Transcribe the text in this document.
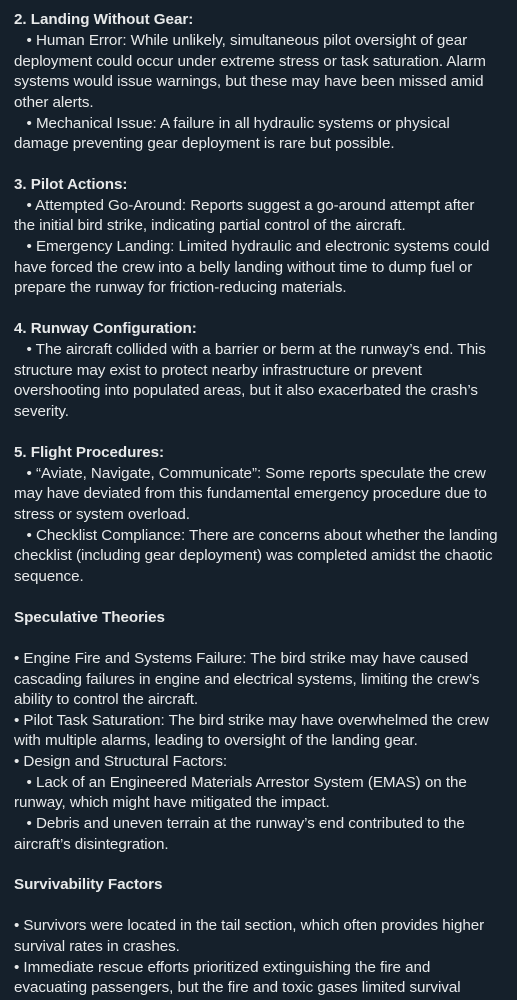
2. Landing Without Gear:
• Human Error: While unlikely, simultaneous pilot oversight of gear
deployment could occur under extreme stress or task saturation. Alarm
systems would issue warnings, but these may have been missed amid
other alerts.
• Mechanical Issue: A failure in all hydraulic systems or physical
damage preventing gear deployment is rare but possible.
3. Pilot Actions:
• Attempted Go-Around: Reports suggest a go-around attempt after
the initial bird strike, indicating partial control of the aircraft.
• Emergency Landing: Limited hydraulic and electronic systems could
have forced the crew into a belly landing without time to dump fuel or
prepare the runway for friction-reducing materials.
4. Runway Configuration:
• The aircraft collided with a barrier or berm at the runway’s end. This
structure may exist to protect nearby infrastructure or prevent
overshooting into populated areas, but it also exacerbated the crash’s
severity.
5. Flight Procedures:
• “Aviate, Navigate, Communicate”: Some reports speculate the crew
may have deviated from this fundamental emergency procedure due to
stress or system overload.
• Checklist Compliance: There are concerns about whether the landing
checklist (including gear deployment) was completed amidst the chaotic
sequence.
Speculative Theories
• Engine Fire and Systems Failure: The bird strike may have caused
cascading failures in engine and electrical systems, limiting the crew’s
ability to control the aircraft.
• Pilot Task Saturation: The bird strike may have overwhelmed the crew
with multiple alarms, leading to oversight of the landing gear.
• Design and Structural Factors:
• Lack of an Engineered Materials Arrestor System (EMAS) on the
runway, which might have mitigated the impact.
• Debris and uneven terrain at the runway’s end contributed to the
aircraft’s disintegration.
Survivability Factors
• Survivors were located in the tail section, which often provides higher
survival rates in crashes.
• Immediate rescue efforts prioritized extinguishing the fire and
evacuating passengers, but the fire and toxic gases limited survival
